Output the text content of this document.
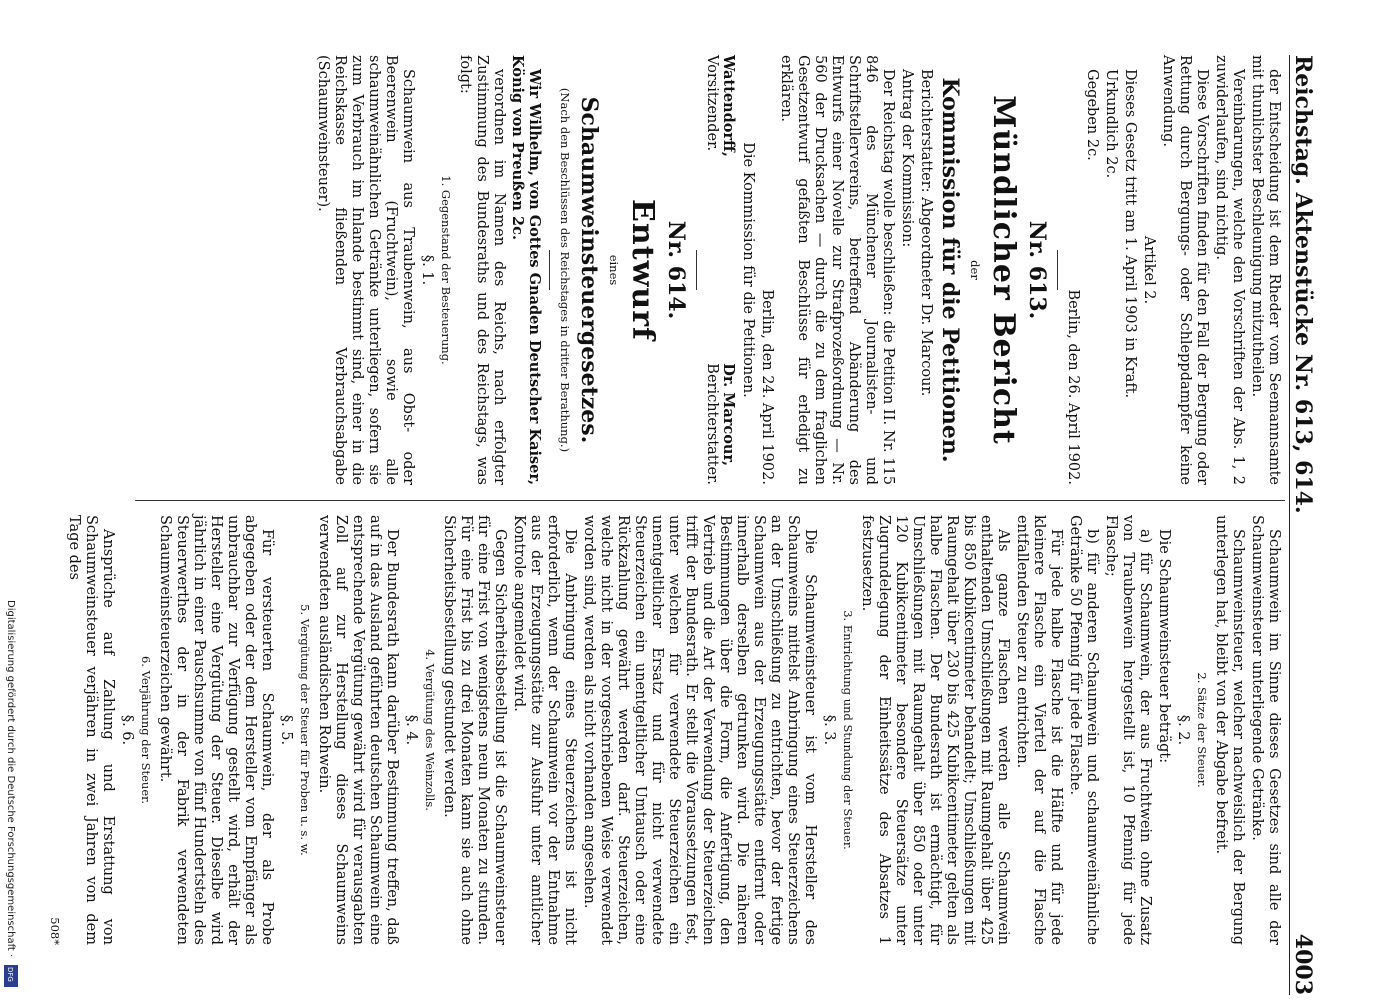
Reichstag. Aktenstücke Nr. 613, 614.
4003

der Entscheidung ist dem Rheder vom Seemannsamte mit thunlichster Beschleunigung mitzutheilen.

Vereinbarungen, welche den Vorschriften der Abs. 1, 2 zuwiderlaufen, sind nichtig.

Diese Vorschriften finden für den Fall der Bergung oder Rettung durch Bergungs- oder Schleppdampfer keine Anwendung.

Artikel 2.

Dieses Gesetz tritt am 1. April 1903 in Kraft.

Urkundlich 2c.

Gegeben 2c.

Berlin, den 26. April 1902.

Nr. 613.

Mündlicher Bericht

der

Kommission für die Petitionen.

Berichterstatter: Abgeordneter Dr. Marcour.

Antrag der Kommission:

Der Reichstag wolle beschließen: die Petition II. Nr. 115 846 des Münchener Journalisten- und Schriftstellervereins, betreffend Abänderung des Entwurfs einer Novelle zur Strafprozeßordnung — Nr. 560 der Drucksachen — durch die zu dem fraglichen Gesetzentwurf gefaßten Beschlüsse für erledigt zu erklären.

Berlin, den 24. April 1902.

Die Kommission für die Petitionen.

Wattendorff,
Vorsitzender.
Dr. Marcour,
Berichterstatter.

Nr. 614.

Entwurf

eines

Schaumweinsteuergesetzes.

(Nach den Beschlüssen des Reichstages in dritter Berathung.)

Wir Wilhelm, von Gottes Gnaden Deutscher Kaiser, König von Preußen 2c.

verordnen im Namen des Reichs, nach erfolgter Zustimmung des Bundesraths und des Reichstags, was folgt:

1. Gegenstand der Besteuerung.

§. 1.

Schaumwein aus Traubenwein, aus Obst- oder Beerenwein (Fruchtwein), sowie alle schaumweinähnlichen Getränke unterliegen, sofern sie zum Verbrauch im Inlande bestimmt sind, einer in die Reichskasse fließenden Verbrauchsabgabe (Schaumweinsteuer).

Schaumwein im Sinne dieses Gesetzes sind alle der Schaumweinsteuer unterliegende Getränke.

Schaumweinsteuer, welcher nachweislich der Bergung unterlegen hat, bleibt von der Abgabe befreit.

2. Sätze der Steuer.

§. 2.

Die Schaumweinsteuer beträgt:

a) für Schaumwein, der aus Fruchtwein ohne Zusatz von Traubenwein hergestellt ist, 10 Pfennig für jede Flasche;

b) für anderen Schaumwein und schaumweinähnliche Getränke 50 Pfennig für jede Flasche.

Für jede halbe Flasche ist die Hälfte und für jede kleinere Flasche ein Viertel der auf die Flasche entfallenden Steuer zu entrichten.

Als ganze Flaschen werden alle Schaumwein enthaltenden Umschließungen mit Raumgehalt über 425 bis 850 Kubikcentimeter behandelt; Umschließungen mit Raumgehalt über 230 bis 425 Kubikcentimeter gelten als halbe Flaschen. Der Bundesrath ist ermächtigt, für Umschließungen mit Raumgehalt über 850 oder unter 120 Kubikcentimeter besondere Steuersätze unter Zugrundelegung der Einheitssätze des Absatzes 1 festzusetzen.

3. Entrichtung und Stundung der Steuer.

§. 3.

Die Schaumweinsteuer ist vom Hersteller des Schaumweins mittelst Anbringung eines Steuerzeichens an der Umschließung zu entrichten, bevor der fertige Schaumwein aus der Erzeugungsstätte entfernt oder innerhalb derselben getrunken wird. Die näheren Bestimmungen über die Form, die Anfertigung, den Vertrieb und die Art der Verwendung der Steuerzeichen trifft der Bundesrath. Er stellt die Voraussetzungen fest, unter welchen für verwendete Steuerzeichen ein unentgeltlicher Ersatz und für nicht verwendete Steuerzeichen ein unentgeltlicher Umtausch oder eine Rückzahlung gewährt werden darf. Steuerzeichen, welche nicht in der vorgeschriebenen Weise verwendet worden sind, werden als nicht vorhanden angesehen.

Die Anbringung eines Steuerzeichens ist nicht erforderlich, wenn der Schaumwein vor der Entnahme aus der Erzeugungsstätte zur Ausfuhr unter amtlicher Kontrole angemeldet wird.

Gegen Sicherheitsbestellung ist die Schaumweinsteuer für eine Frist von wenigstens neun Monaten zu stunden. Für eine Frist bis zu drei Monaten kann sie auch ohne Sicherheitsbestellung gestundet werden.

4. Vergütung des Weinzolls.

§. 4.

Der Bundesrath kann darüber Bestimmung treffen, daß auf in das Ausland geführten deutschen Schaumwein eine entsprechende Vergütung gewährt wird für verausgabten Zoll auf zur Herstellung dieses Schaumweins verwendeten ausländischen Rohwein.

5. Vergütung der Steuer für Proben u. s. w.

§. 5.

Für versteuerten Schaumwein, der als Probe abgegeben oder der dem Hersteller vom Empfänger als unbrauchbar zur Verfügung gestellt wird, erhält der Hersteller eine Vergütung der Steuer. Dieselbe wird jährlich in einer Pauschsumme von fünf Hundertsteln des Steuerwerthes der in der Fabrik verwendeten Schaumweinsteuerzeichen gewährt.

6. Verjährung der Steuer.

§. 6.

Ansprüche auf Zahlung und Erstattung von Schaumweinsteuer verjähren in zwei Jahren von dem Tage des

508*

Digitalisierung gefördert durch die Deutsche Forschungsgemeinschaft ·
DFG
